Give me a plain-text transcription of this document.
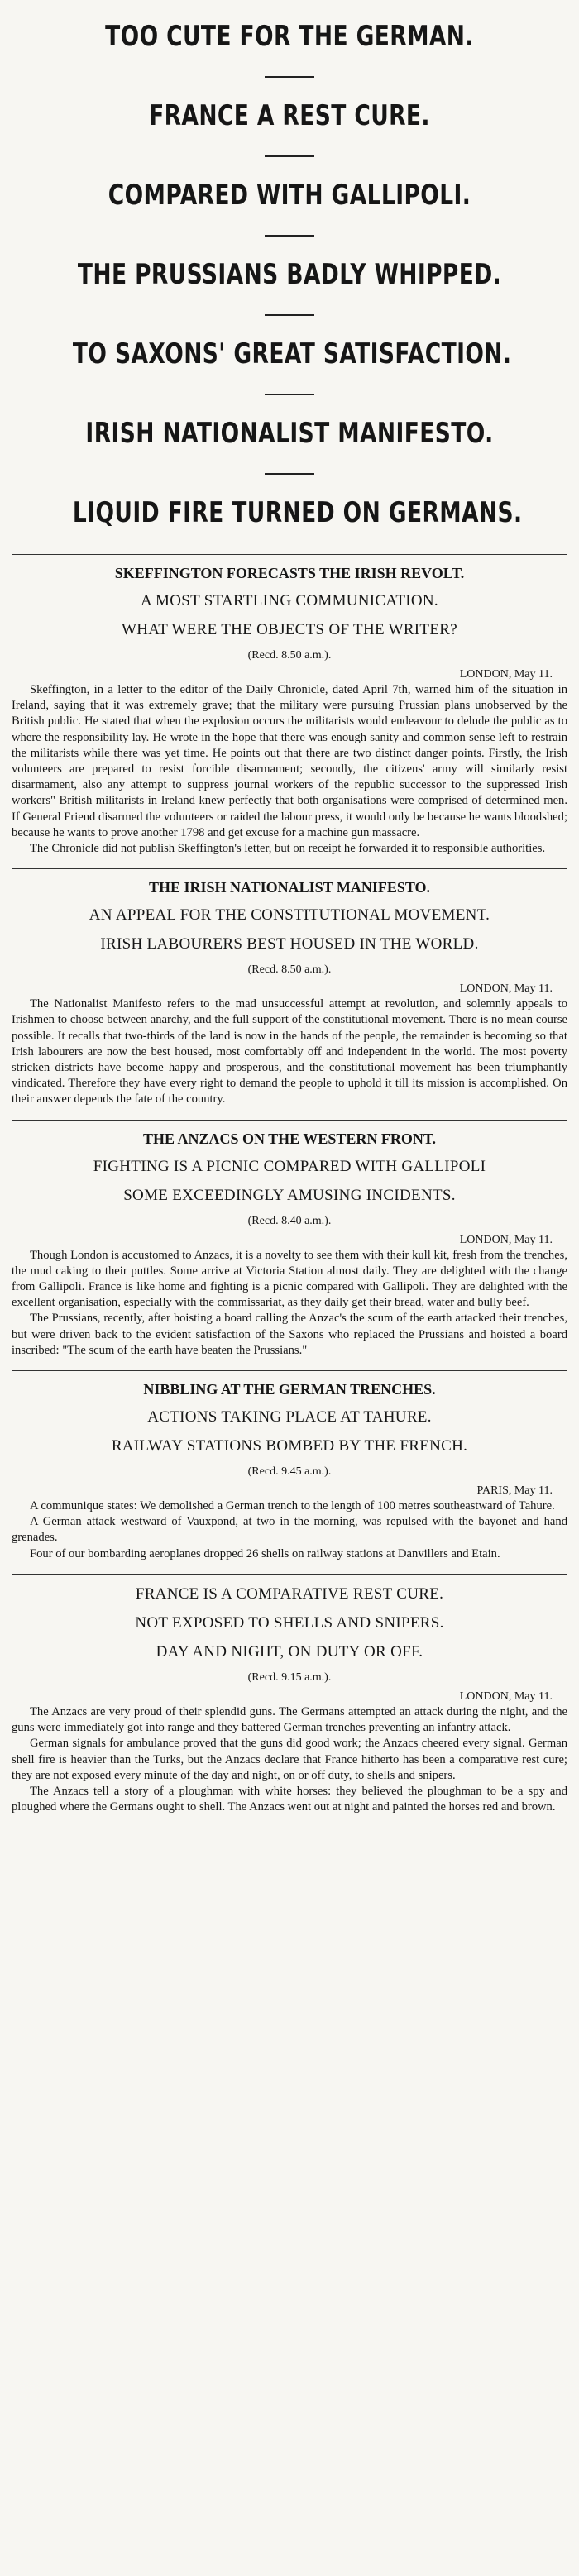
TOO CUTE FOR THE GERMAN.
FRANCE A REST CURE.
COMPARED WITH GALLIPOLI.
THE PRUSSIANS BADLY WHIPPED.
TO SAXONS' GREAT SATISFACTION.
IRISH NATIONALIST MANIFESTO.
LIQUID FIRE TURNED ON GERMANS.
SKEFFINGTON FORECASTS THE IRISH REVOLT.
A MOST STARTLING COMMUNICATION.
WHAT WERE THE OBJECTS OF THE WRITER?
(Recd. 8.50 a.m.).
LONDON, May 11.

Skeffington, in a letter to the editor of the Daily Chronicle, dated April 7th, warned him of the situation in Ireland, saying that it was extremely grave; that the military were pursuing Prussian plans unobserved by the British public. He stated that when the explosion occurs the militarists would endeavour to delude the public as to where the responsibility lay. He wrote in the hope that there was enough sanity and common sense left to restrain the militarists while there was yet time. He points out that there are two distinct danger points. Firstly, the Irish volunteers are prepared to resist forcible disarmament; secondly, the citizens' army will similarly resist disarmament, also any attempt to suppress journal workers of the republic successor to the suppressed Irish workers" British militarists in Ireland knew perfectly that both organisations were comprised of determined men. If General Friend disarmed the volunteers or raided the labour press, it would only be because he wants bloodshed; because he wants to prove another 1798 and get excuse for a machine gun massacre.

The Chronicle did not publish Skeffington's letter, but on receipt he forwarded it to responsible authorities.

THE IRISH NATIONALIST MANIFESTO.
AN APPEAL FOR THE CONSTITUTIONAL MOVEMENT.
IRISH LABOURERS BEST HOUSED IN THE WORLD.
(Recd. 8.50 a.m.).
LONDON, May 11.

The Nationalist Manifesto refers to the mad unsuccessful attempt at revolution, and solemnly appeals to Irishmen to choose between anarchy, and the full support of the constitutional movement. There is no mean course possible. It recalls that two-thirds of the land is now in the hands of the people, the remainder is becoming so that Irish labourers are now the best housed, most comfortably off and independent in the world. The most poverty stricken districts have become happy and prosperous, and the constitutional movement has been triumphantly vindicated. Therefore they have every right to demand the people to uphold it till its mission is accomplished. On their answer depends the fate of the country.

THE ANZACS ON THE WESTERN FRONT.
FIGHTING IS A PICNIC COMPARED WITH GALLIPOLI
SOME EXCEEDINGLY AMUSING INCIDENTS.
(Recd. 8.40 a.m.).
LONDON, May 11.

Though London is accustomed to Anzacs, it is a novelty to see them with their kull kit, fresh from the trenches, the mud caking to their puttles. Some arrive at Victoria Station almost daily. They are delighted with the change from Gallipoli. France is like home and fighting is a picnic compared with Gallipoli. They are delighted with the excellent organisation, especially with the commissariat, as they daily get their bread, water and bully beef.

The Prussians, recently, after hoisting a board calling the Anzac's the scum of the earth attacked their trenches, but were driven back to the evident satisfaction of the Saxons who replaced the Prussians and hoisted a board inscribed: "The scum of the earth have beaten the Prussians."

NIBBLING AT THE GERMAN TRENCHES.
ACTIONS TAKING PLACE AT TAHURE.
RAILWAY STATIONS BOMBED BY THE FRENCH.
(Recd. 9.45 a.m.).
PARIS, May 11.

A communique states: We demolished a German trench to the length of 100 metres southeastward of Tahure.

A German attack westward of Vauxpond, at two in the morning, was repulsed with the bayonet and hand grenades.

Four of our bombarding aeroplanes dropped 26 shells on railway stations at Danvillers and Etain.

FRANCE IS A COMPARATIVE REST CURE.
NOT EXPOSED TO SHELLS AND SNIPERS.
DAY AND NIGHT, ON DUTY OR OFF.
(Recd. 9.15 a.m.).
LONDON, May 11.

The Anzacs are very proud of their splendid guns. The Germans attempted an attack during the night, and the guns were immediately got into range and they battered German trenches preventing an infantry attack.

German signals for ambulance proved that the guns did good work; the Anzacs cheered every signal. German shell fire is heavier than the Turks, but the Anzacs declare that France hitherto has been a comparative rest cure; they are not exposed every minute of the day and night, on or off duty, to shells and snipers.

The Anzacs tell a story of a ploughman with white horses: they believed the ploughman to be a spy and ploughed where the Germans ought to shell. The Anzacs went out at night and painted the horses red and brown.
